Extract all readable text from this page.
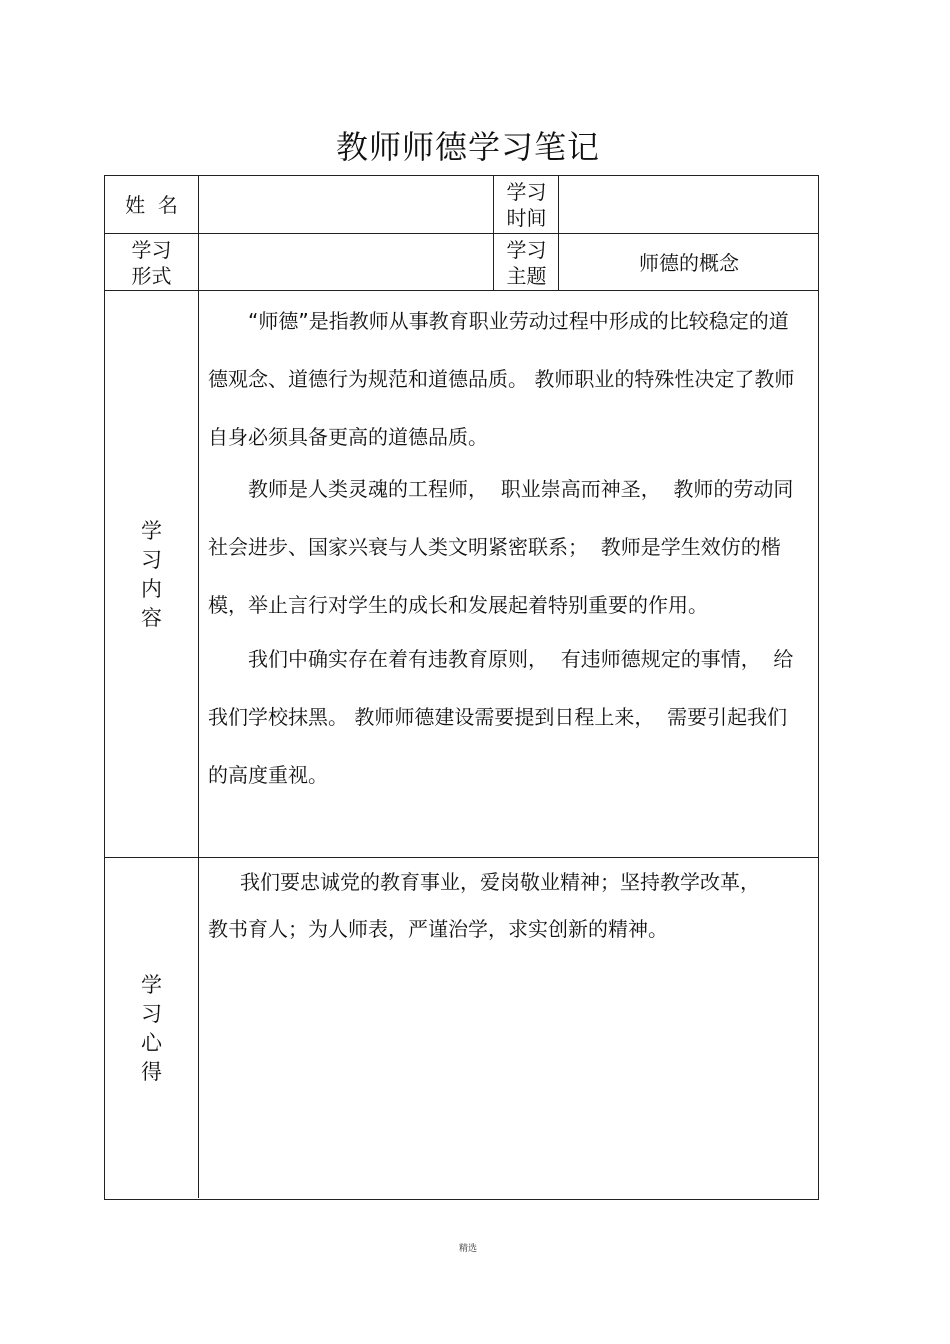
教师师德学习笔记
姓  名
学习
时间
学习
形式
学习
主题
师德的概念
学
习
内
容
“师德”是指教师从事教育职业劳动过程中形成的比较稳定的道德观念、道德行为规范和道德品质。 教师职业的特殊性决定了教师自身必须具备更高的道德品质。
教师是人类灵魂的工程师，  职业崇高而神圣，  教师的劳动同社会进步、国家兴衰与人类文明紧密联系；  教师是学生效仿的楷模，举止言行对学生的成长和发展起着特别重要的作用。
我们中确实存在着有违教育原则，  有违师德规定的事情，  给我们学校抹黑。 教师师德建设需要提到日程上来，  需要引起我们的高度重视。
学
习
心
得
我们要忠诚党的教育事业，爱岗敬业精神；坚持教学改革，教书育人；为人师表，严谨治学，求实创新的精神。
精选
